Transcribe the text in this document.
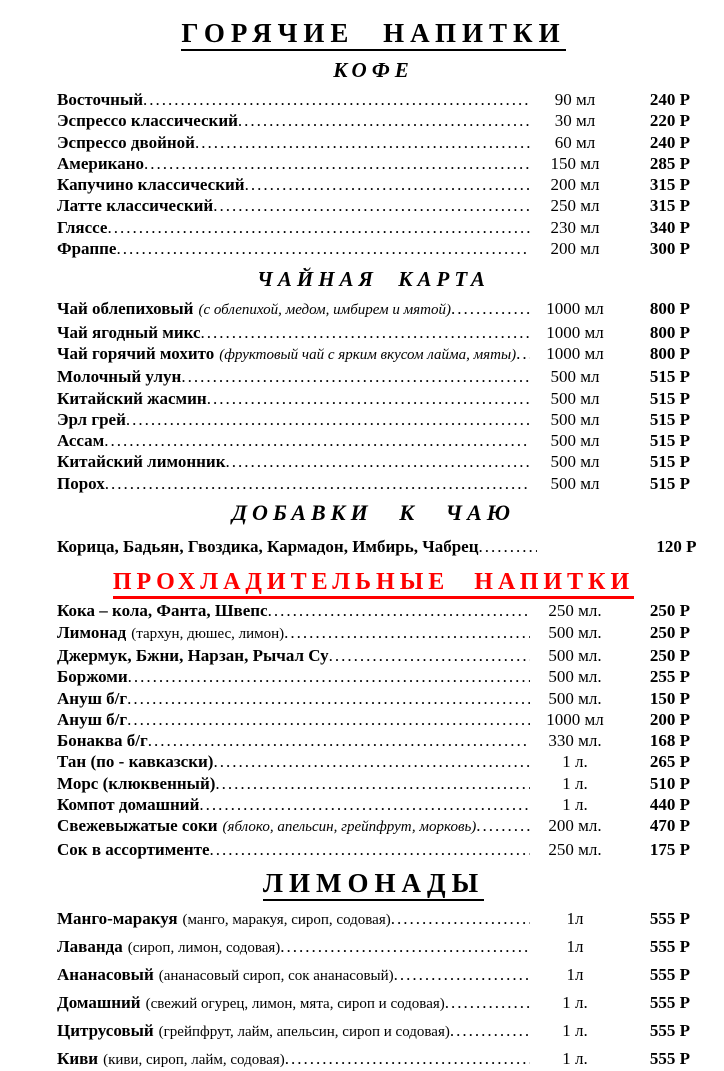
ГОРЯЧИЕ НАПИТКИ
КОФЕ
Восточный .....	90 мл	240 Р
Эспрессо классический .....	30 мл	220 Р
Эспрессо двойной .....	60 мл	240 Р
Американо .....	150 мл	285 Р
Капучино классический .....	200 мл	315 Р
Латте классический .....	250 мл	315 Р
Гляссе .....	230 мл	340 Р
Фраппе .....	200 мл	300 Р
ЧАЙНАЯ КАРТА
Чай облепиховый (с облепихой, медом, имбирем и мятой) .....	1000 мл	800 Р
Чай ягодный микс .....	1000 мл	800 Р
Чай горячий мохито (фруктовый чай с ярким вкусом лайма, мяты) .....	1000 мл	800 Р
Молочный улун .....	500 мл	515 Р
Китайский жасмин .....	500 мл	515 Р
Эрл грей .....	500 мл	515 Р
Ассам .....	500 мл	515 Р
Китайский лимонник .....	500 мл	515 Р
Порох .....	500 мл	515 Р
ДОБАВКИ К ЧАЮ
Корица, Бадьян, Гвоздика, Кармадон, Имбирь, Чабрец .....	120 Р
ПРОХЛАДИТЕЛЬНЫЕ НАПИТКИ
Кока – кола, Фанта, Швепс .....	250 мл.	250 Р
Лимонад (тархун, дюшес, лимон) .....	500 мл.	250 Р
Джермук, Бжни, Нарзан, Рычал Су .....	500 мл.	250 Р
Боржоми .....	500 мл.	255 Р
Ануш б/г .....	500 мл.	150 Р
Ануш б/г .....	1000 мл	200 Р
Бонаква б/г .....	330 мл.	168 Р
Тан (по - кавказски) .....	1 л.	265 Р
Морс (клюквенный) .....	1 л.	510 Р
Компот домашний .....	1 л.	440 Р
Свежевыжатые соки (яблоко, апельсин, грейпфрут, морковь) .....	200 мл.	470 Р
Сок в ассортименте .....	250 мл.	175 Р
ЛИМОНАДЫ
Манго-маракуя (манго, маракуя, сироп, содовая) .....	1л	555 Р
Лаванда (сироп, лимон, содовая) .....	1л	555 Р
Ананасовый (ананасовый сироп, сок ананасовый) .....	1л	555 Р
Домашний (свежий огурец, лимон, мята, сироп и содовая) .....	1 л.	555 Р
Цитрусовый (грейпфрут, лайм, апельсин, сироп и содовая) .....	1 л.	555 Р
Киви (киви, сироп, лайм, содовая) .....	1 л.	555 Р
